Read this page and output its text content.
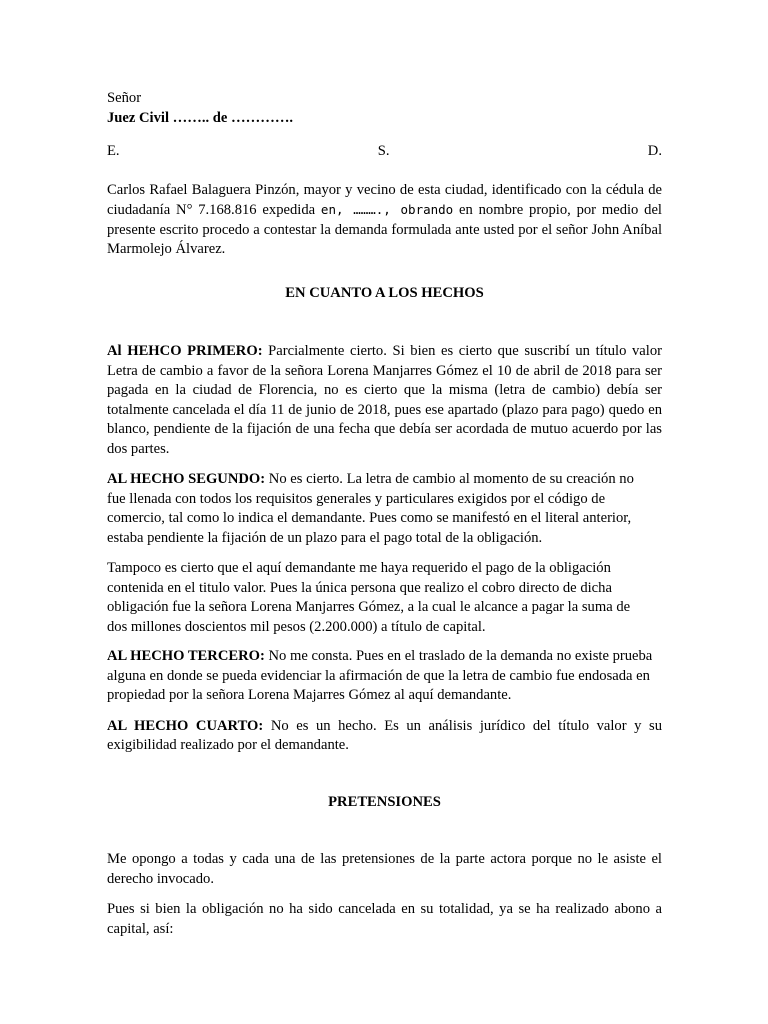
Señor
Juez Civil …….. de ………….
E.	S.	D.

Carlos Rafael Balaguera Pinzón, mayor y vecino de esta ciudad, identificado con la cédula de ciudadanía N° 7.168.816 expedida en, ………., obrando en nombre propio, por medio del presente escrito procedo a contestar la demanda formulada ante usted por el señor John Aníbal Marmolejo Álvarez.

EN CUANTO A LOS HECHOS

Al HEHCO PRIMERO: Parcialmente cierto. Si bien es cierto que suscribí un título valor Letra de cambio a favor de la señora Lorena Manjarres Gómez el 10 de abril de 2018 para ser pagada en la ciudad de Florencia, no es cierto que la misma (letra de cambio) debía ser totalmente cancelada el día 11 de junio de 2018, pues ese apartado (plazo para pago) quedo en blanco, pendiente de la fijación de una fecha que debía ser acordada de mutuo acuerdo por las dos partes.

AL HECHO SEGUNDO: No es cierto. La letra de cambio al momento de su creación no
fue llenada con todos los requisitos generales y particulares exigidos por el código de
comercio, tal como lo indica el demandante. Pues como se manifestó en el literal anterior,
estaba pendiente la fijación de un plazo para el pago total de la obligación.

Tampoco es cierto que el aquí demandante me haya requerido el pago de la obligación
contenida en el titulo valor. Pues la única persona que realizo el cobro directo de dicha
obligación fue la señora Lorena Manjarres Gómez, a la cual le alcance a pagar la suma de
dos millones doscientos mil pesos (2.200.000) a título de capital.

AL HECHO TERCERO: No me consta. Pues en el traslado de la demanda no existe prueba
alguna en donde se pueda evidenciar la afirmación de que la letra de cambio fue endosada en
propiedad por la señora Lorena Majarres Gómez al aquí demandante.

AL HECHO CUARTO: No es un hecho. Es un análisis jurídico del título valor y su exigibilidad realizado por el demandante.

PRETENSIONES

Me opongo a todas y cada una de las pretensiones de la parte actora porque no le asiste el derecho invocado.

Pues si bien la obligación no ha sido cancelada en su totalidad, ya se ha realizado abono a capital, así:
